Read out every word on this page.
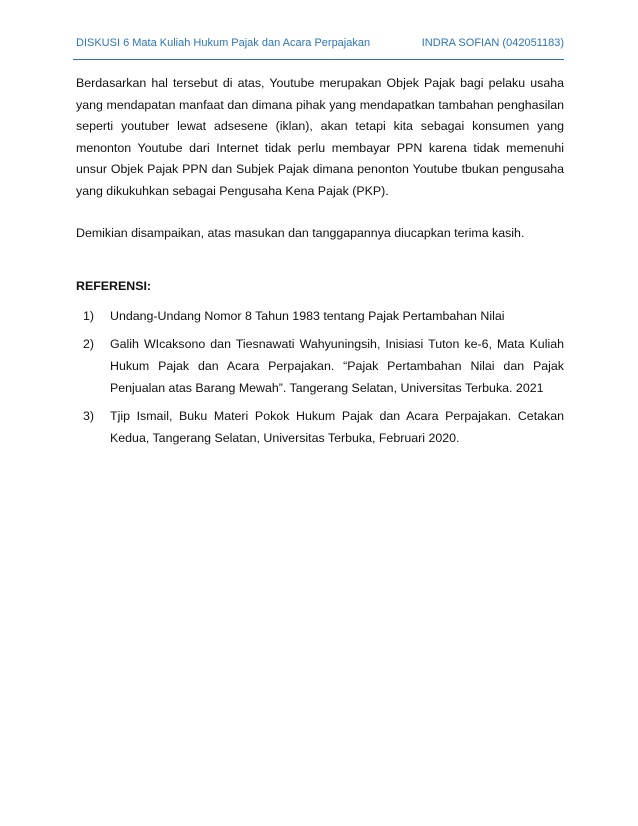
DISKUSI 6 Mata Kuliah Hukum Pajak dan Acara Perpajakan	INDRA SOFIAN (042051183)

Berdasarkan hal tersebut di atas, Youtube merupakan Objek Pajak bagi pelaku usaha yang mendapatan manfaat dan dimana pihak yang mendapatkan tambahan penghasilan seperti youtuber lewat adsesene (iklan), akan tetapi kita sebagai konsumen yang menonton Youtube dari Internet tidak perlu membayar PPN karena tidak memenuhi unsur Objek Pajak PPN dan Subjek Pajak dimana penonton Youtube tbukan pengusaha yang dikukuhkan sebagai Pengusaha Kena Pajak (PKP).

Demikian disampaikan, atas masukan dan tanggapannya diucapkan terima kasih.

REFERENSI:
1)	Undang-Undang Nomor 8 Tahun 1983 tentang Pajak Pertambahan Nilai
2)	Galih WIcaksono dan Tiesnawati Wahyuningsih, Inisiasi Tuton ke-6, Mata Kuliah Hukum Pajak dan Acara Perpajakan. “Pajak Pertambahan Nilai dan Pajak Penjualan atas Barang Mewah”. Tangerang Selatan, Universitas Terbuka. 2021
3)	Tjip Ismail, Buku Materi Pokok Hukum Pajak dan Acara Perpajakan. Cetakan Kedua, Tangerang Selatan, Universitas Terbuka, Februari 2020.
